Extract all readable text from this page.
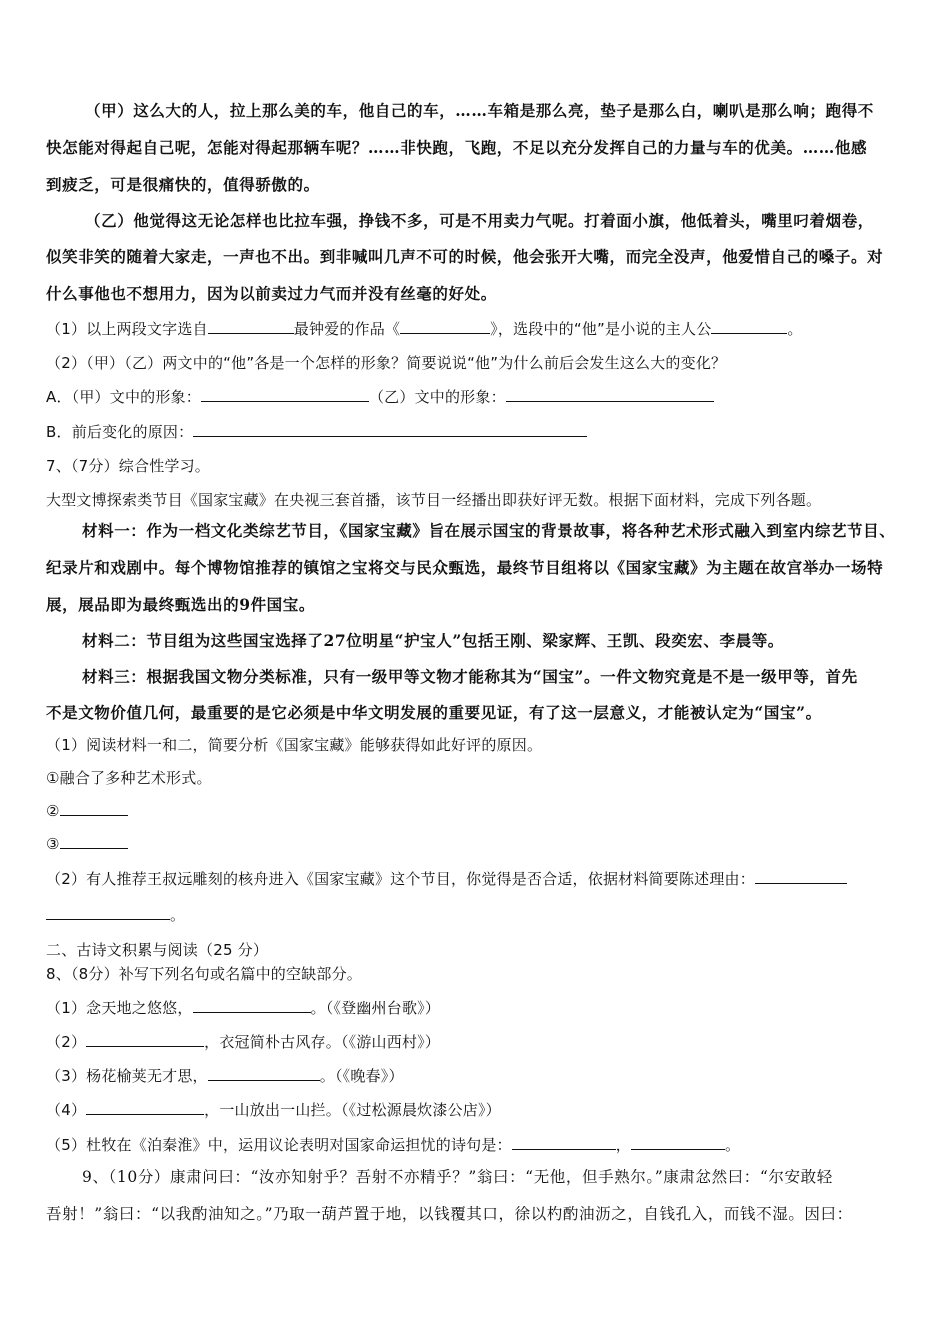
（甲）这么大的人，拉上那么美的车，他自己的车，……车箱是那么亮，垫子是那么白，喇叭是那么响；跑得不
快怎能对得起自己呢，怎能对得起那辆车呢？……非快跑，飞跑，不足以充分发挥自己的力量与车的优美。……他感
到疲乏，可是很痛快的，值得骄傲的。
（乙）他觉得这无论怎样也比拉车强，挣钱不多，可是不用卖力气呢。打着面小旗，他低着头，嘴里叼着烟卷，
似笑非笑的随着大家走，一声也不出。到非喊叫几声不可的时候，他会张开大嘴，而完全没声，他爱惜自己的嗓子。对
什么事他也不想用力，因为以前卖过力气而并没有丝毫的好处。
（1）以上两段文字选自	最钟爱的作品《	》，选段中的“他”是小说的主人公	。
（2）（甲）（乙）两文中的“他”各是一个怎样的形象？简要说说“他”为什么前后会发生这么大的变化？
A．（甲）文中的形象：	（乙）文中的形象：
B．前后变化的原因：
7、（7分）综合性学习。
大型文博探索类节目《国家宝藏》在央视三套首播，该节目一经播出即获好评无数。根据下面材料，完成下列各题。
材料一：作为一档文化类综艺节目，《国家宝藏》旨在展示国宝的背景故事，将各种艺术形式融入到室内综艺节目、
纪录片和戏剧中。每个博物馆推荐的镇馆之宝将交与民众甄选，最终节目组将以《国家宝藏》为主题在故宫举办一场特
展，展品即为最终甄选出的9件国宝。
材料二：节目组为这些国宝选择了27位明星“护宝人”包括王刚、梁家辉、王凯、段奕宏、李晨等。
材料三：根据我国文物分类标准，只有一级甲等文物才能称其为“国宝”。一件文物究竟是不是一级甲等，首先
不是文物价值几何，最重要的是它必须是中华文明发展的重要见证，有了这一层意义，才能被认定为“国宝”。
（1）阅读材料一和二，简要分析《国家宝藏》能够获得如此好评的原因。
①融合了多种艺术形式。
②
③
（2）有人推荐王叔远雕刻的核舟进入《国家宝藏》这个节目，你觉得是否合适，依据材料简要陈述理由：
。
二、古诗文积累与阅读（25 分）
8、（8分）补写下列名句或名篇中的空缺部分。
（1）念天地之悠悠，	。（《登幽州台歌》）
（2）	，衣冠简朴古风存。（《游山西村》）
（3）杨花榆荚无才思，	。（《晚春》）
（4）	，一山放出一山拦。（《过松源晨炊漆公店》）
（5）杜牧在《泊秦淮》中，运用议论表明对国家命运担忧的诗句是：	，	。
9、（10分）康肃问曰：“汝亦知射乎？吾射不亦精乎？”翁曰：“无他，但手熟尔。”康肃忿然曰：“尔安敢轻
吾射！”翁曰：“以我酌油知之。”乃取一葫芦置于地，以钱覆其口，徐以杓酌油沥之，自钱孔入，而钱不湿。因曰：
